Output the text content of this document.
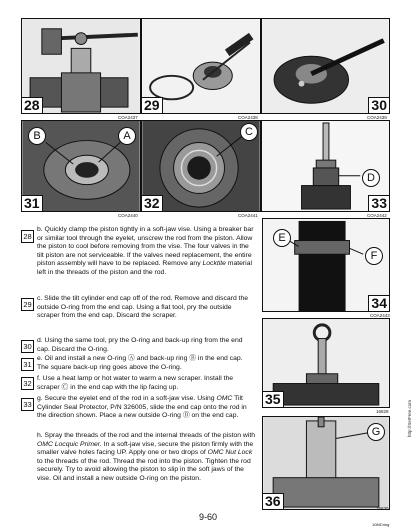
28
COA2437
29
COA2438
30
COA2439
31
B	A
COA2440
32
C
COA2441
33
D
COA2442
34
E
F
COA2443
35
16828
36
G
16830
28
b. Quickly clamp the piston tightly in a soft-jaw vise. Using a breaker bar or similar tool through the eyelet, unscrew the rod from the piston. Allow the piston to cool before removing from the vise. The four valves in the tilt piston are not serviceable. If the valves need replacement, the entire piston assembly will have to be replaced. Remove any Locktite material left in the threads of the piston and the rod.
29
c. Slide the tilt cylinder end cap off of the rod. Remove and discard the outside O-ring from the end cap. Using a flat tool, pry the outside scraper from the end cap. Discard the scraper.
30
d. Using the same tool, pry the O-ring and back-up ring from the end cap. Discard the O-ring.
31
e. Oil and install a new O-ring Ⓐ and back-up ring Ⓑ in the end cap. The square back-up ring goes above the O-ring.
32
f. Use a heat lamp or hot water to warm a new scraper. Install the scraper Ⓒ in the end cap with the lip facing up.
33
g. Secure the eyelet end of the rod in a soft-jaw vise. Using OMC Tilt Cylinder Seal Protector, P/N 326005, slide the end cap onto the rod in the direction shown. Place a new outside O-ring Ⓓ on the end cap.
h. Spray the threads of the rod and the internal threads of the piston with OMC Locquic Primer. In a soft-jaw vise, secure the piston firmly with the smaller valve holes facing UP. Apply one or two drops of OMC Nut Lock to the threads of the rod. Thread the rod into the piston. Tighten the rod securely. Try to avoid allowing the piston to slip in the soft jaws of the vise. Oil and install a new outside O-ring on the piston.
http://SetFree.com
9-60
10MCring
